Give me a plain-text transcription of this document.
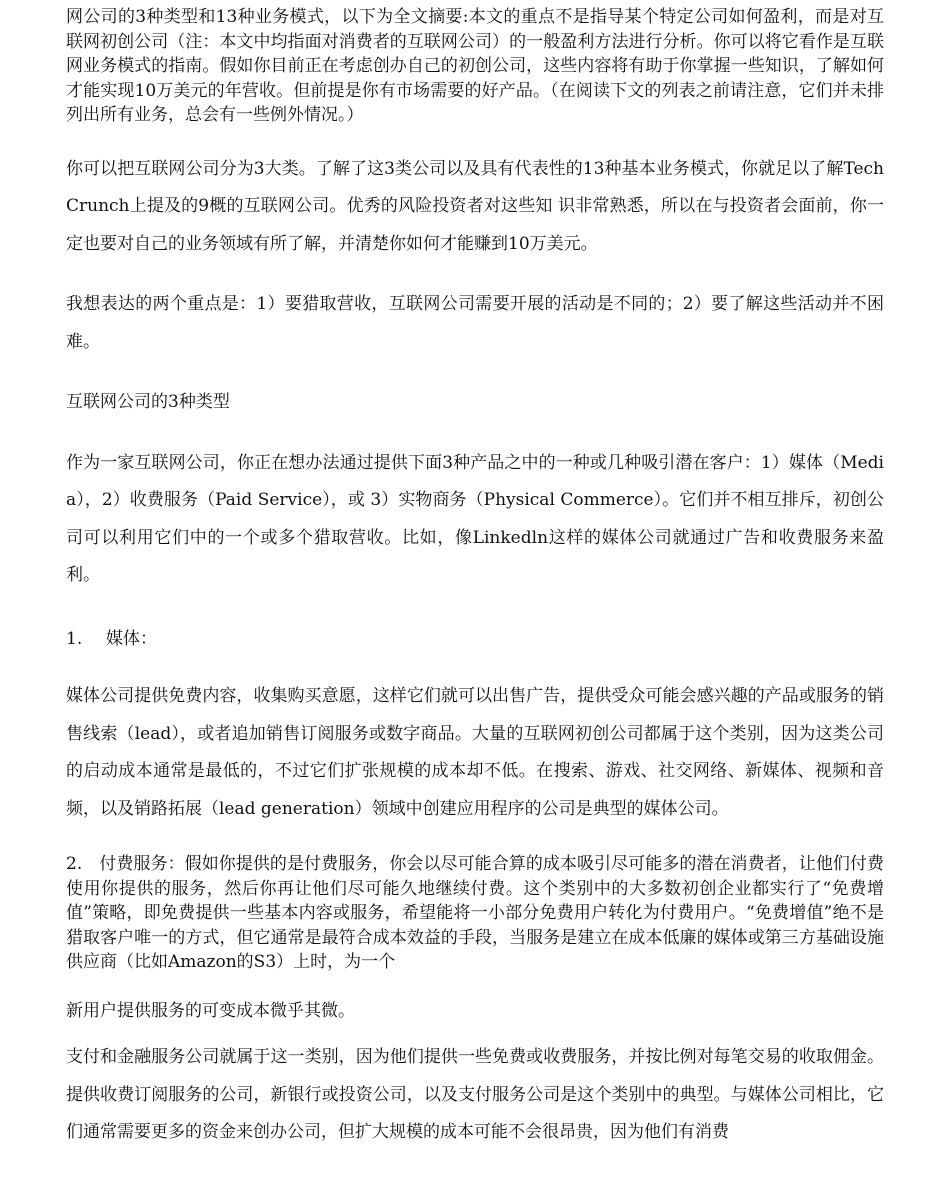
网公司的3种类型和13种业务模式，以下为全文摘要:本文的重点不是指导某个特定公司如何盈利，而是对互联网初创公司（注：本文中均指面对消费者的互联网公司）的一般盈利方法进行分析。你可以将它看作是互联网业务模式的指南。假如你目前正在考虑创办自己的初创公司，这些内容将有助于你掌握一些知识，了解如何才能实现10万美元的年营收。但前提是你有市场需要的好产品。（在阅读下文的列表之前请注意，它们并未排列出所有业务，总会有一些例外情况。）

你可以把互联网公司分为3大类。了解了这3类公司以及具有代表性的13种基本业务模式，你就足以了解TechCrunch上提及的9概的互联网公司。优秀的风险投资者对这些知 识非常熟悉，所以在与投资者会面前，你一定也要对自己的业务领域有所了解，并清楚你如何才能赚到10万美元。

我想表达的两个重点是：1）要猎取营收，互联网公司需要开展的活动是不同的；2）要了解这些活动并不困难。

互联网公司的3种类型

作为一家互联网公司，你正在想办法通过提供下面3种产品之中的一种或几种吸引潜在客户：1）媒体（Media），2）收费服务（Paid Service），或 3）实物商务（Physical Commerce）。它们并不相互排斥，初创公司可以利用它们中的一个或多个猎取营收。比如，像Linkedln这样的媒体公司就通过广告和收费服务来盈利。

1. 媒体：

媒体公司提供免费内容，收集购买意愿，这样它们就可以出售广告，提供受众可能会感兴趣的产品或服务的销售线索（lead），或者追加销售订阅服务或数字商品。大量的互联网初创公司都属于这个类别，因为这类公司的启动成本通常是最低的，不过它们扩张规模的成本却不低。在搜索、游戏、社交网络、新媒体、视频和音频，以及销路拓展（lead generation）领域中创建应用程序的公司是典型的媒体公司。

2.　付费服务：假如你提供的是付费服务，你会以尽可能合算的成本吸引尽可能多的潜在消费者，让他们付费使用你提供的服务，然后你再让他们尽可能久地继续付费。这个类别中的大多数初创企业都实行了“免费增值”策略，即免费提供一些基本内容或服务，希望能将一小部分免费用户转化为付费用户。“免费增值”绝不是猎取客户唯一的方式，但它通常是最符合成本效益的手段，当服务是建立在成本低廉的媒体或第三方基础设施供应商（比如Amazon的S3）上时，为一个

新用户提供服务的可变成本微乎其微。

支付和金融服务公司就属于这一类别，因为他们提供一些免费或收费服务，并按比例对每笔交易的收取佣金。提供收费订阅服务的公司，新银行或投资公司，以及支付服务公司是这个类别中的典型。与媒体公司相比，它们通常需要更多的资金来创办公司，但扩大规模的成本可能不会很昂贵，因为他们有消费
